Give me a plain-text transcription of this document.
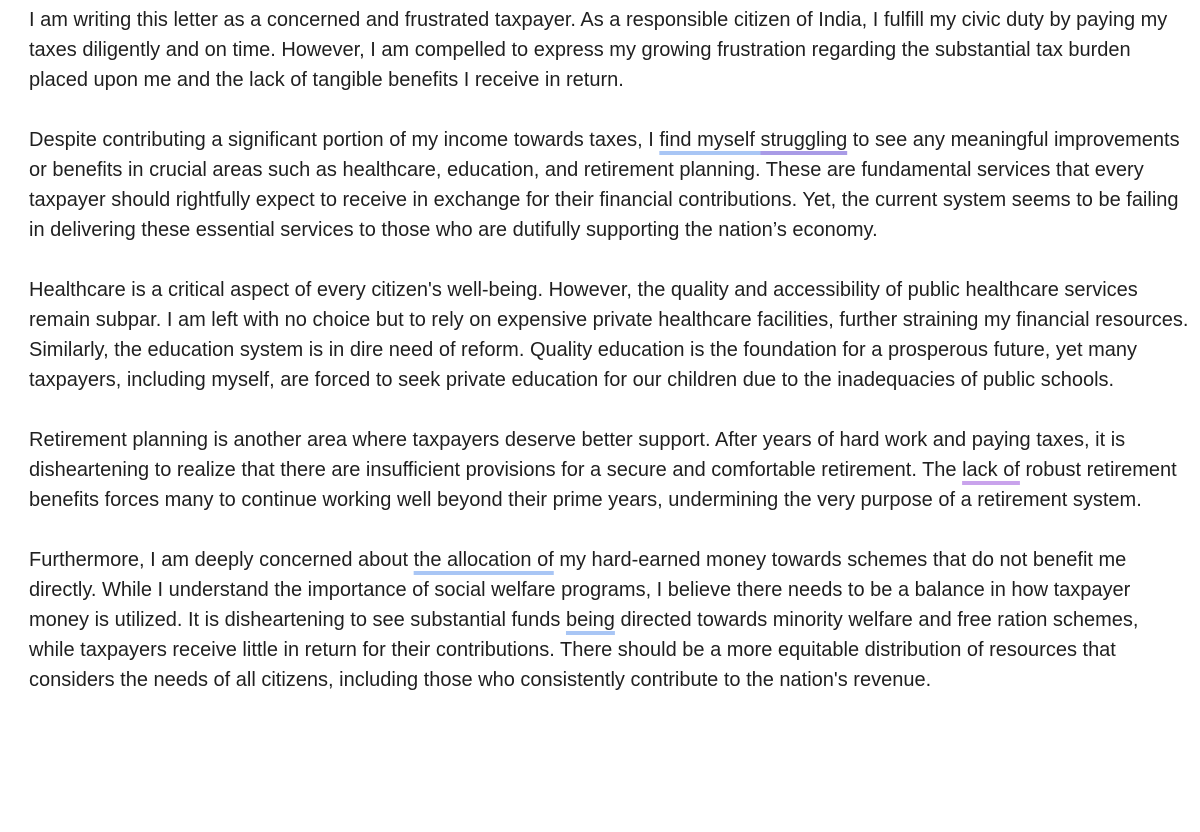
I am writing this letter as a concerned and frustrated taxpayer. As a responsible citizen of India, I fulfill my civic duty by paying my taxes diligently and on time. However, I am compelled to express my growing frustration regarding the substantial tax burden placed upon me and the lack of tangible benefits I receive in return.

Despite contributing a significant portion of my income towards taxes, I find myself struggling to see any meaningful improvements or benefits in crucial areas such as healthcare, education, and retirement planning. These are fundamental services that every taxpayer should rightfully expect to receive in exchange for their financial contributions. Yet, the current system seems to be failing in delivering these essential services to those who are dutifully supporting the nation’s economy.

Healthcare is a critical aspect of every citizen's well-being. However, the quality and accessibility of public healthcare services remain subpar. I am left with no choice but to rely on expensive private healthcare facilities, further straining my financial resources. Similarly, the education system is in dire need of reform. Quality education is the foundation for a prosperous future, yet many taxpayers, including myself, are forced to seek private education for our children due to the inadequacies of public schools.

Retirement planning is another area where taxpayers deserve better support. After years of hard work and paying taxes, it is disheartening to realize that there are insufficient provisions for a secure and comfortable retirement. The lack of robust retirement benefits forces many to continue working well beyond their prime years, undermining the very purpose of a retirement system.

Furthermore, I am deeply concerned about the allocation of my hard-earned money towards schemes that do not benefit me directly. While I understand the importance of social welfare programs, I believe there needs to be a balance in how taxpayer money is utilized. It is disheartening to see substantial funds being directed towards minority welfare and free ration schemes, while taxpayers receive little in return for their contributions. There should be a more equitable distribution of resources that considers the needs of all citizens, including those who consistently contribute to the nation's revenue.
